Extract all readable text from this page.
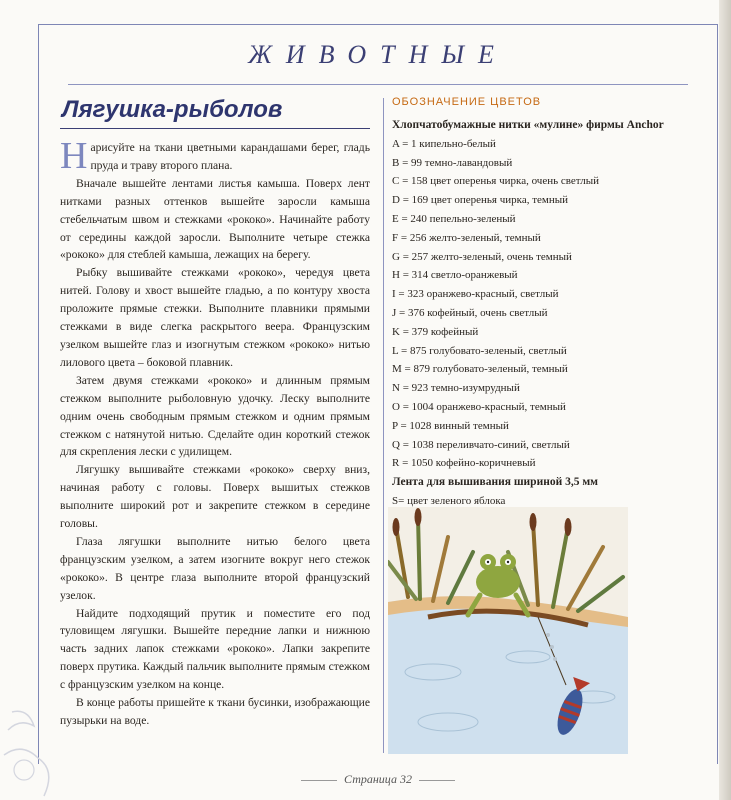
ЖИВОТНЫЕ
Лягушка-рыболов

Нарисуйте на ткани цветными карандашами берег, гладь пруда и траву второго плана.

Вначале вышейте лентами листья камыша. Поверх лент нитками разных оттенков вышейте заросли камыша стебельчатым швом и стежками «рококо». Начинайте работу от середины каждой заросли. Выполните четыре стежка «рококо» для стеблей камыша, лежащих на берегу.

Рыбку вышивайте стежками «рококо», чередуя цвета нитей. Голову и хвост вышейте гладью, а по контуру хвоста проложите прямые стежки. Выполните плавники прямыми стежками в виде слегка раскрытого веера. Французским узелком вышейте глаз и изогнутым стежком «рококо» нитью лилового цвета – боковой плавник.

Затем двумя стежками «рококо» и длинным прямым стежком выполните рыболовную удочку. Леску выполните одним очень свободным прямым стежком и одним прямым стежком с натянутой нитью. Сделайте один короткий стежок для скрепления лески с удилищем.

Лягушку вышивайте стежками «рококо» сверху вниз, начиная работу с головы. Поверх вышитых стежков выполните широкий рот и закрепите стежком в середине головы.

Глаза лягушки выполните нитью белого цвета французским узелком, а затем изогните вокруг него стежок «рококо». В центре глаза выполните второй французский узелок.

Найдите подходящий прутик и поместите его под туловищем лягушки. Вышейте передние лапки и нижнюю часть задних лапок стежками «рококо». Лапки закрепите поверх прутика. Каждый пальчик выполните прямым стежком с французским узелком на конце.

В конце работы пришейте к ткани бусинки, изображающие пузырьки на воде.

ОБОЗНАЧЕНИЕ ЦВЕТОВ
Хлопчатобумажные нитки «мулине» фирмы Anchor
A = 1 кипельно-белый
B = 99 темно-лавандовый
C = 158 цвет оперенья чирка, очень светлый
D = 169 цвет оперенья чирка, темный
E = 240 пепельно-зеленый
F = 256 желто-зеленый, темный
G = 257 желто-зеленый, очень темный
H = 314 светло-оранжевый
I = 323 оранжево-красный, светлый
J = 376 кофейный, очень светлый
K = 379 кофейный
L = 875 голубовато-зеленый, светлый
M = 879 голубовато-зеленый, темный
N = 923 темно-изумрудный
O = 1004 оранжево-красный, темный
P = 1028 винный темный
Q = 1038 переливчато-синий, светлый
R = 1050 кофейно-коричневый
Лента для вышивания шириной 3,5 мм
S= цвет зеленого яблока
Страница 32
